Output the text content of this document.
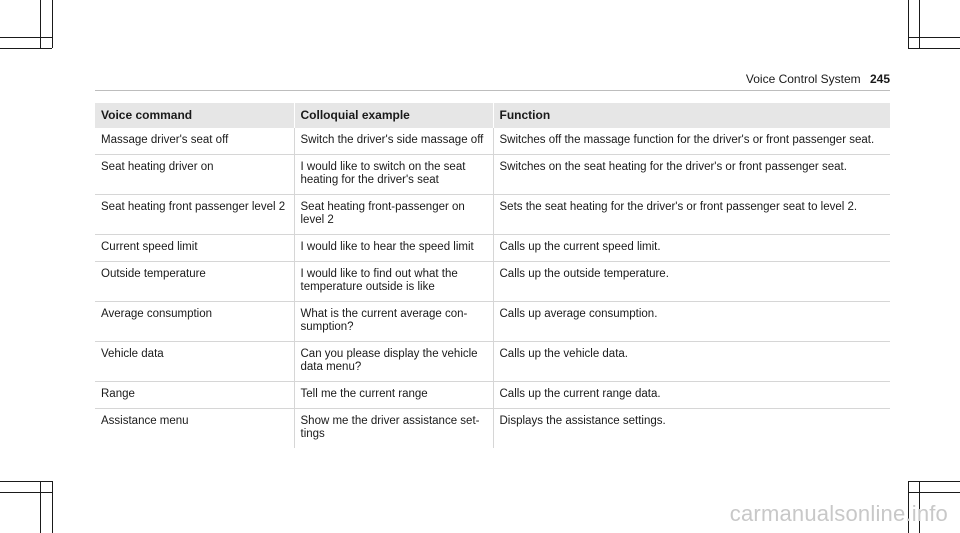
Voice Control System 245
Voice command	Colloquial example	Function
Massage driver's seat off	Switch the driver's side massage off	Switches off the massage function for the driver's or front passenger seat.
Seat heating driver on	I would like to switch on the seat heating for the driver's seat	Switches on the seat heating for the driver's or front passenger seat.
Seat heating front passenger level 2	Seat heating front-passenger on level 2	Sets the seat heating for the driver's or front passenger seat to level 2.
Current speed limit	I would like to hear the speed limit	Calls up the current speed limit.
Outside temperature	I would like to find out what the temperature outside is like	Calls up the outside temperature.
Average consumption	What is the current average con-sumption?	Calls up average consumption.
Vehicle data	Can you please display the vehicle data menu?	Calls up the vehicle data.
Range	Tell me the current range	Calls up the current range data.
Assistance menu	Show me the driver assistance set-tings	Displays the assistance settings.
carmanualsonline.info
